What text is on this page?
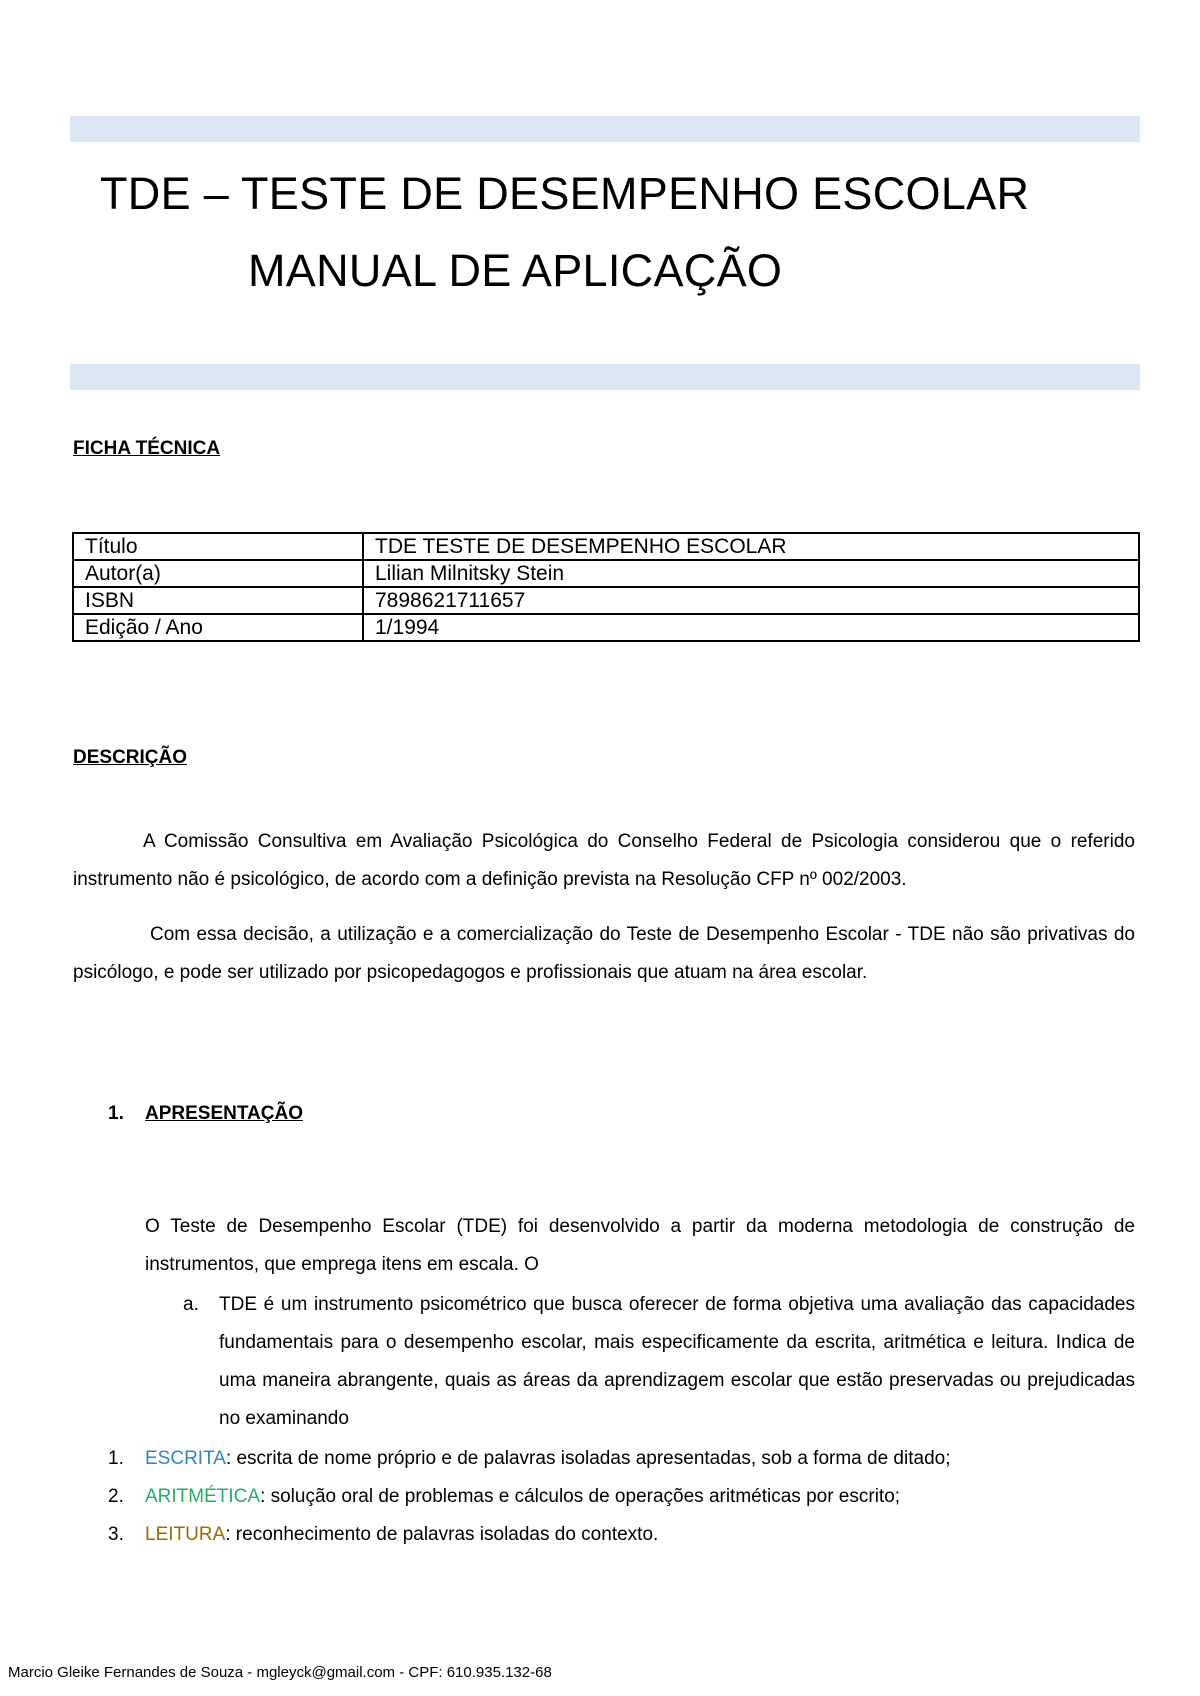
TDE – TESTE DE DESEMPENHO ESCOLAR
MANUAL DE APLICAÇÃO
FICHA TÉCNICA
Título	TDE TESTE DE DESEMPENHO ESCOLAR
Autor(a)	Lilian Milnitsky Stein
ISBN	7898621711657
Edição / Ano	1/1994
DESCRIÇÃO
A Comissão Consultiva em Avaliação Psicológica do Conselho Federal de Psicologia considerou que o referido instrumento não é psicológico, de acordo com a definição prevista na Resolução CFP nº 002/2003.
Com essa decisão, a utilização e a comercialização do Teste de Desempenho Escolar - TDE não são privativas do psicólogo, e pode ser utilizado por psicopedagogos e profissionais que atuam na área escolar.
1. APRESENTAÇÃO
O Teste de Desempenho Escolar (TDE) foi desenvolvido a partir da moderna metodologia de construção de instrumentos, que emprega itens em escala. O
a. TDE é um instrumento psicométrico que busca oferecer de forma objetiva uma avaliação das capacidades fundamentais para o desempenho escolar, mais especificamente da escrita, aritmética e leitura. Indica de uma maneira abrangente, quais as áreas da aprendizagem escolar que estão preservadas ou prejudicadas no examinando
1. ESCRITA: escrita de nome próprio e de palavras isoladas apresentadas, sob a forma de ditado;
2. ARITMÉTICA: solução oral de problemas e cálculos de operações aritméticas por escrito;
3. LEITURA: reconhecimento de palavras isoladas do contexto.
Marcio Gleike Fernandes de Souza - mgleyck@gmail.com - CPF: 610.935.132-68
